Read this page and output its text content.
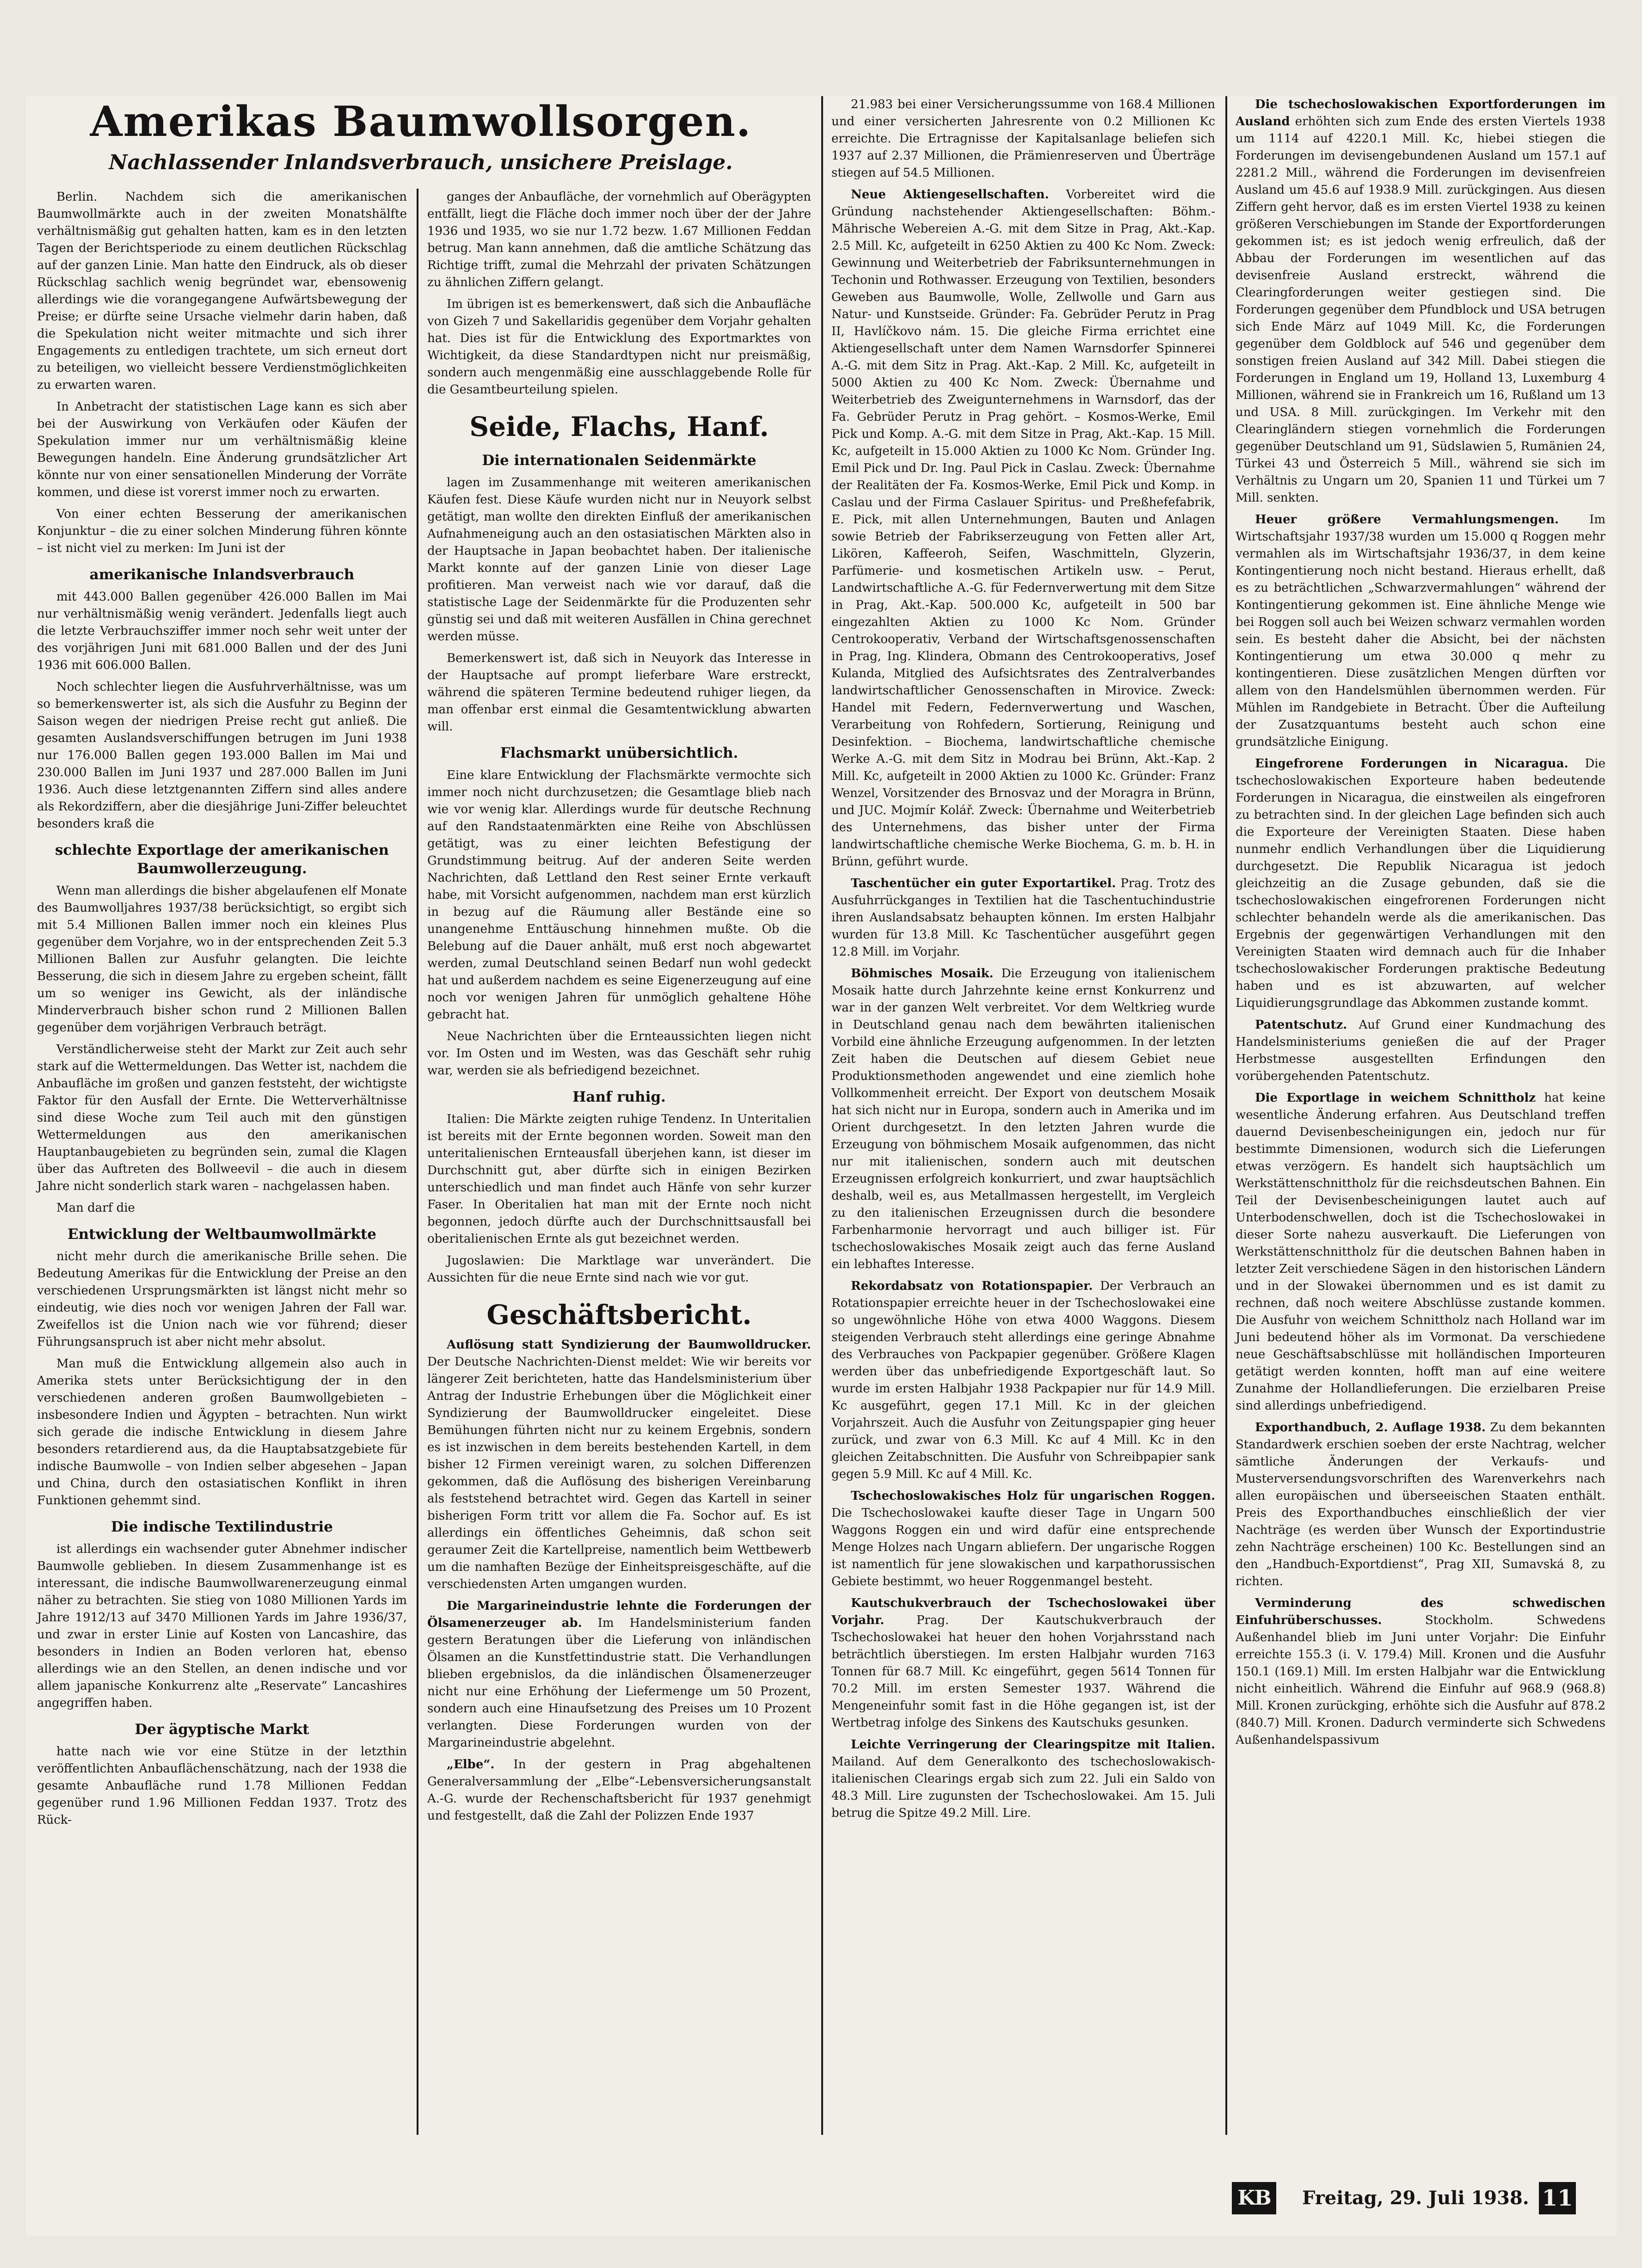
Amerikas Baumwollsorgen.
Nachlassender Inlandsverbrauch, unsichere Preislage.

Berlin. Nachdem sich die amerikanischen Baumwollmärkte auch in der zweiten Monatshälfte verhältnismäßig gut gehalten hatten, kam es in den letzten Tagen der Berichtsperiode zu einem deutlichen Rückschlag auf der ganzen Linie. Man hatte den Eindruck, als ob dieser Rückschlag sachlich wenig begründet war, ebensowenig allerdings wie die vorangegangene Aufwärtsbewegung der Preise; er dürfte seine Ursache vielmehr darin haben, daß die Spekulation nicht weiter mitmachte und sich ihrer Engagements zu entledigen trachtete, um sich erneut dort zu beteiligen, wo vielleicht bessere Verdienstmöglichkeiten zu erwarten waren.

In Anbetracht der statistischen Lage kann es sich aber bei der Auswirkung von Verkäufen oder Käufen der Spekulation immer nur um verhältnismäßig kleine Bewegungen handeln. Eine Änderung grundsätzlicher Art könnte nur von einer sensationellen Minderung der Vorräte kommen, und diese ist vorerst immer noch zu erwarten.

Von einer echten Besserung der amerikanischen Konjunktur – die zu einer solchen Minderung führen könnte – ist nicht viel zu merken: Im Juni ist der

amerikanische Inlandsverbrauch

mit 443.000 Ballen gegenüber 426.000 Ballen im Mai nur verhältnismäßig wenig verändert. Jedenfalls liegt auch die letzte Verbrauchsziffer immer noch sehr weit unter der des vorjährigen Juni mit 681.000 Ballen und der des Juni 1936 mit 606.000 Ballen.

Noch schlechter liegen die Ausfuhrverhältnisse, was um so bemerkenswerter ist, als sich die Ausfuhr zu Beginn der Saison wegen der niedrigen Preise recht gut anließ. Die gesamten Auslandsverschiffungen betrugen im Juni 1938 nur 176.000 Ballen gegen 193.000 Ballen im Mai und 230.000 Ballen im Juni 1937 und 287.000 Ballen im Juni 1936. Auch diese letztgenannten Ziffern sind alles andere als Rekordziffern, aber die diesjährige Juni-Ziffer beleuchtet besonders kraß die

schlechte Exportlage der amerikanischen Baumwollerzeugung.

Wenn man allerdings die bisher abgelaufenen elf Monate des Baumwolljahres 1937/38 berücksichtigt, so ergibt sich mit 5.4 Millionen Ballen immer noch ein kleines Plus gegenüber dem Vorjahre, wo in der entsprechenden Zeit 5.3 Millionen Ballen zur Ausfuhr gelangten. Die leichte Besserung, die sich in diesem Jahre zu ergeben scheint, fällt um so weniger ins Gewicht, als der inländische Minderverbrauch bisher schon rund 2 Millionen Ballen gegenüber dem vorjährigen Verbrauch beträgt.

Verständlicherweise steht der Markt zur Zeit auch sehr stark auf die Wettermeldungen. Das Wetter ist, nachdem die Anbaufläche im großen und ganzen feststeht, der wichtigste Faktor für den Ausfall der Ernte. Die Wetterverhältnisse sind diese Woche zum Teil auch mit den günstigen Wettermeldungen aus den amerikanischen Hauptanbaugebieten zu begründen sein, zumal die Klagen über das Auftreten des Bollweevil – die auch in diesem Jahre nicht sonderlich stark waren – nachgelassen haben.

Man darf die

Entwicklung der Weltbaumwollmärkte

nicht mehr durch die amerikanische Brille sehen. Die Bedeutung Amerikas für die Entwicklung der Preise an den verschiedenen Ursprungsmärkten ist längst nicht mehr so eindeutig, wie dies noch vor wenigen Jahren der Fall war. Zweifellos ist die Union nach wie vor führend; dieser Führungsanspruch ist aber nicht mehr absolut.

Man muß die Entwicklung allgemein also auch in Amerika stets unter Berücksichtigung der in den verschiedenen anderen großen Baumwollgebieten – insbesondere Indien und Ägypten – betrachten. Nun wirkt sich gerade die indische Entwicklung in diesem Jahre besonders retardierend aus, da die Hauptabsatzgebiete für indische Baumwolle – von Indien selber abgesehen – Japan und China, durch den ostasiatischen Konflikt in ihren Funktionen gehemmt sind.

Die indische Textilindustrie

ist allerdings ein wachsender guter Abnehmer indischer Baumwolle geblieben. In diesem Zusammenhange ist es interessant, die indische Baumwollwarenerzeugung einmal näher zu betrachten. Sie stieg von 1080 Millionen Yards im Jahre 1912/13 auf 3470 Millionen Yards im Jahre 1936/37, und zwar in erster Linie auf Kosten von Lancashire, das besonders in Indien an Boden verloren hat, ebenso allerdings wie an den Stellen, an denen indische und vor allem japanische Konkurrenz alte „Reservate“ Lancashires angegriffen haben.

Der ägyptische Markt

hatte nach wie vor eine Stütze in der letzthin veröffentlichten Anbauflächenschätzung, nach der 1938 die gesamte Anbaufläche rund 1.78 Millionen Feddan gegenüber rund 1.96 Millionen Feddan 1937. Trotz des Rück-

ganges der Anbaufläche, der vornehmlich auf Oberägypten entfällt, liegt die Fläche doch immer noch über der der Jahre 1936 und 1935, wo sie nur 1.72 bezw. 1.67 Millionen Feddan betrug. Man kann annehmen, daß die amtliche Schätzung das Richtige trifft, zumal die Mehrzahl der privaten Schätzungen zu ähnlichen Ziffern gelangt.

Im übrigen ist es bemerkenswert, daß sich die Anbaufläche von Gizeh 7 und Sakellaridis gegenüber dem Vorjahr gehalten hat. Dies ist für die Entwicklung des Exportmarktes von Wichtigkeit, da diese Standardtypen nicht nur preismäßig, sondern auch mengenmäßig eine ausschlaggebende Rolle für die Gesamtbeurteilung spielen.

Seide, Flachs, Hanf.
Die internationalen Seidenmärkte

lagen im Zusammenhange mit weiteren amerikanischen Käufen fest. Diese Käufe wurden nicht nur in Neuyork selbst getätigt, man wollte den direkten Einfluß der amerikanischen Aufnahmeneigung auch an den ostasiatischen Märkten also in der Hauptsache in Japan beobachtet haben. Der italienische Markt konnte auf der ganzen Linie von dieser Lage profitieren. Man verweist nach wie vor darauf, daß die statistische Lage der Seidenmärkte für die Produzenten sehr günstig sei und daß mit weiteren Ausfällen in China gerechnet werden müsse.

Bemerkenswert ist, daß sich in Neuyork das Interesse in der Hauptsache auf prompt lieferbare Ware erstreckt, während die späteren Termine bedeutend ruhiger liegen, da man offenbar erst einmal die Gesamtentwicklung abwarten will.

Flachsmarkt unübersichtlich.

Eine klare Entwicklung der Flachsmärkte vermochte sich immer noch nicht durchzusetzen; die Gesamtlage blieb nach wie vor wenig klar. Allerdings wurde für deutsche Rechnung auf den Randstaatenmärkten eine Reihe von Abschlüssen getätigt, was zu einer leichten Befestigung der Grundstimmung beitrug. Auf der anderen Seite werden Nachrichten, daß Lettland den Rest seiner Ernte verkauft habe, mit Vorsicht aufgenommen, nachdem man erst kürzlich in bezug auf die Räumung aller Bestände eine so unangenehme Enttäuschung hinnehmen mußte. Ob die Belebung auf die Dauer anhält, muß erst noch abgewartet werden, zumal Deutschland seinen Bedarf nun wohl gedeckt hat und außerdem nachdem es seine Eigenerzeugung auf eine noch vor wenigen Jahren für unmöglich gehaltene Höhe gebracht hat.

Neue Nachrichten über die Ernteaussichten liegen nicht vor. Im Osten und im Westen, was das Geschäft sehr ruhig war, werden sie als befriedigend bezeichnet.

Hanf ruhig.

Italien: Die Märkte zeigten ruhige Tendenz. In Unteritalien ist bereits mit der Ernte begonnen worden. Soweit man den unteritalienischen Ernteausfall überjehen kann, ist dieser im Durchschnitt gut, aber dürfte sich in einigen Bezirken unterschiedlich und man findet auch Hänfe von sehr kurzer Faser. In Oberitalien hat man mit der Ernte noch nicht begonnen, jedoch dürfte auch der Durchschnittsausfall bei oberitalienischen Ernte als gut bezeichnet werden.

Jugoslawien: Die Marktlage war unverändert. Die Aussichten für die neue Ernte sind nach wie vor gut.

Geschäftsbericht.

Auflösung statt Syndizierung der Baumwolldrucker. Der Deutsche Nachrichten-Dienst meldet: Wie wir bereits vor längerer Zeit berichteten, hatte das Handelsministerium über Antrag der Industrie Erhebungen über die Möglichkeit einer Syndizierung der Baumwolldrucker eingeleitet. Diese Bemühungen führten nicht nur zu keinem Ergebnis, sondern es ist inzwischen in dem bereits bestehenden Kartell, in dem bisher 12 Firmen vereinigt waren, zu solchen Differenzen gekommen, daß die Auflösung des bisherigen Vereinbarung als feststehend betrachtet wird. Gegen das Kartell in seiner bisherigen Form tritt vor allem die Fa. Sochor auf. Es ist allerdings ein öffentliches Geheimnis, daß schon seit geraumer Zeit die Kartellpreise, namentlich beim Wettbewerb um die namhaften Bezüge der Einheitspreisgeschäfte, auf die verschiedensten Arten umgangen wurden.

Die Margarineindustrie lehnte die Forderungen der Ölsamenerzeuger ab. Im Handelsministerium fanden gestern Beratungen über die Lieferung von inländischen Ölsamen an die Kunstfettindustrie statt. Die Verhandlungen blieben ergebnislos, da die inländischen Ölsamenerzeuger nicht nur eine Erhöhung der Liefermenge um 50 Prozent, sondern auch eine Hinaufsetzung des Preises um 10 Prozent verlangten. Diese Forderungen wurden von der Margarineindustrie abgelehnt.

„Elbe“. In der gestern in Prag abgehaltenen Generalversammlung der „Elbe“-Lebensversicherungsanstalt A.-G. wurde der Rechenschaftsbericht für 1937 genehmigt und festgestellt, daß die Zahl der Polizzen Ende 1937

21.983 bei einer Versicherungssumme von 168.4 Millionen und einer versicherten Jahresrente von 0.2 Millionen Kc erreichte. Die Ertragnisse der Kapitalsanlage beliefen sich 1937 auf 2.37 Millionen, die Prämienreserven und Überträge stiegen auf 54.5 Millionen.

Neue Aktiengesellschaften. Vorbereitet wird die Gründung nachstehender Aktiengesellschaften: Böhm.-Mährische Webereien A.-G. mit dem Sitze in Prag, Akt.-Kap. 2.5 Mill. Kc, aufgeteilt in 6250 Aktien zu 400 Kc Nom. Zweck: Gewinnung und Weiterbetrieb der Fabriksunternehmungen in Techonin und Rothwasser. Erzeugung von Textilien, besonders Geweben aus Baumwolle, Wolle, Zellwolle und Garn aus Natur- und Kunstseide. Gründer: Fa. Gebrüder Perutz in Prag II, Havlíčkovo nám. 15. Die gleiche Firma errichtet eine Aktiengesellschaft unter dem Namen Warnsdorfer Spinnerei A.-G. mit dem Sitz in Prag. Akt.-Kap. 2 Mill. Kc, aufgeteilt in 5000 Aktien zu 400 Kc Nom. Zweck: Übernahme und Weiterbetrieb des Zweigunternehmens in Warnsdorf, das der Fa. Gebrüder Perutz in Prag gehört. – Kosmos-Werke, Emil Pick und Komp. A.-G. mit dem Sitze in Prag, Akt.-Kap. 15 Mill. Kc, aufgeteilt in 15.000 Aktien zu 1000 Kc Nom. Gründer Ing. Emil Pick und Dr. Ing. Paul Pick in Caslau. Zweck: Übernahme der Realitäten der Fa. Kosmos-Werke, Emil Pick und Komp. in Caslau und der Firma Caslauer Spiritus- und Preßhefefabrik, E. Pick, mit allen Unternehmungen, Bauten und Anlagen sowie Betrieb der Fabrikserzeugung von Fetten aller Art, Likören, Kaffeeroh, Seifen, Waschmitteln, Glyzerin, Parfümerie- und kosmetischen Artikeln usw. – Perut, Landwirtschaftliche A.-G. für Federnverwertung mit dem Sitze in Prag, Akt.-Kap. 500.000 Kc, aufgeteilt in 500 bar eingezahlten Aktien zu 1000 Kc Nom. Gründer Centrokooperativ, Verband der Wirtschaftsgenossenschaften in Prag, Ing. Klindera, Obmann des Centrokooperativs, Josef Kulanda, Mitglied des Aufsichtsrates des Zentralverbandes landwirtschaftlicher Genossenschaften in Mirovice. Zweck: Handel mit Federn, Federnverwertung und Waschen, Verarbeitung von Rohfedern, Sortierung, Reinigung und Desinfektion. – Biochema, landwirtschaftliche chemische Werke A.-G. mit dem Sitz in Modrau bei Brünn, Akt.-Kap. 2 Mill. Kc, aufgeteilt in 2000 Aktien zu 1000 Kc. Gründer: Franz Wenzel, Vorsitzender des Brnosvaz und der Moragra in Brünn, und JUC. Mojmír Kolář. Zweck: Übernahme und Weiterbetrieb des Unternehmens, das bisher unter der Firma landwirtschaftliche chemische Werke Biochema, G. m. b. H. in Brünn, geführt wurde.

Taschentücher ein guter Exportartikel. Prag. Trotz des Ausfuhrrückganges in Textilien hat die Taschentuchindustrie ihren Auslandsabsatz behaupten können. Im ersten Halbjahr wurden für 13.8 Mill. Kc Taschentücher ausgeführt gegen 12.8 Mill. im Vorjahr.

Böhmisches Mosaik. Die Erzeugung von italienischem Mosaik hatte durch Jahrzehnte keine ernst Konkurrenz und war in der ganzen Welt verbreitet. Vor dem Weltkrieg wurde in Deutschland genau nach dem bewährten italienischen Vorbild eine ähnliche Erzeugung aufgenommen. In der letzten Zeit haben die Deutschen auf diesem Gebiet neue Produktionsmethoden angewendet und eine ziemlich hohe Vollkommenheit erreicht. Der Export von deutschem Mosaik hat sich nicht nur in Europa, sondern auch in Amerika und im Orient durchgesetzt. In den letzten Jahren wurde die Erzeugung von böhmischem Mosaik aufgenommen, das nicht nur mit italienischen, sondern auch mit deutschen Erzeugnissen erfolgreich konkurriert, und zwar hauptsächlich deshalb, weil es, aus Metallmassen hergestellt, im Vergleich zu den italienischen Erzeugnissen durch die besondere Farbenharmonie hervorragt und auch billiger ist. Für tschechoslowakisches Mosaik zeigt auch das ferne Ausland ein lebhaftes Interesse.

Rekordabsatz von Rotationspapier. Der Verbrauch an Rotationspapier erreichte heuer in der Tschechoslowakei eine so ungewöhnliche Höhe von etwa 4000 Waggons. Diesem steigenden Verbrauch steht allerdings eine geringe Abnahme des Verbrauches von Packpapier gegenüber. Größere Klagen werden über das unbefriedigende Exportgeschäft laut. So wurde im ersten Halbjahr 1938 Packpapier nur für 14.9 Mill. Kc ausgeführt, gegen 17.1 Mill. Kc in der gleichen Vorjahrszeit. Auch die Ausfuhr von Zeitungspapier ging heuer zurück, und zwar von 6.3 Mill. Kc auf 4 Mill. Kc in den gleichen Zeitabschnitten. Die Ausfuhr von Schreibpapier sank gegen 5.9 Mill. Kc auf 4 Mill. Kc.

Tschechoslowakisches Holz für ungarischen Roggen. Die Tschechoslowakei kaufte dieser Tage in Ungarn 500 Waggons Roggen ein und wird dafür eine entsprechende Menge Holzes nach Ungarn abliefern. Der ungarische Roggen ist namentlich für jene slowakischen und karpathorussischen Gebiete bestimmt, wo heuer Roggenmangel besteht.

Kautschukverbrauch der Tschechoslowakei über Vorjahr.	Prag. Der Kautschukverbrauch der Tschechoslowakei hat heuer den hohen Vorjahrsstand nach beträchtlich überstiegen. Im ersten Halbjahr wurden 7163 Tonnen für 68.7 Mill. Kc eingeführt, gegen 5614 Tonnen für 70.2 Mill. im ersten Semester 1937. Während die Mengeneinfuhr somit fast in die Höhe gegangen ist, ist der Wertbetrag infolge des Sinkens des Kautschuks gesunken.

Leichte Verringerung der Clearingspitze mit Italien. Mailand. Auf dem Generalkonto des tschechoslowakisch-italienischen Clearings ergab sich zum 22. Juli ein Saldo von 48.3 Mill. Lire zugunsten der Tschechoslowakei. Am 15. Juli betrug die Spitze 49.2 Mill. Lire.

Die tschechoslowakischen Exportforderungen im Ausland erhöhten sich zum Ende des ersten Viertels 1938 um 1114 auf 4220.1 Mill. Kc, hiebei stiegen die Forderungen im devisengebundenen Ausland um 157.1 auf 2281.2 Mill., während die Forderungen im devisenfreien Ausland um 45.6 auf 1938.9 Mill. zurückgingen. Aus diesen Ziffern geht hervor, daß es im ersten Viertel 1938 zu keinen größeren Verschiebungen im Stande der Exportforderungen gekommen ist; es ist jedoch wenig erfreulich, daß der Abbau der Forderungen im wesentlichen auf das devisenfreie Ausland erstreckt, während die Clearingforderungen weiter gestiegen sind. Die Forderungen gegenüber dem Pfundblock und USA betrugen sich Ende März auf 1049 Mill. Kc, die Forderungen gegenüber dem Goldblock auf 546 und gegenüber dem sonstigen freien Ausland auf 342 Mill. Dabei stiegen die Forderungen in England um 19, Holland 13, Luxemburg 4 Millionen, während sie in Frankreich um 16, Rußland um 13 und USA. 8 Mill. zurückgingen. Im Verkehr mit den Clearingländern stiegen vornehmlich die Forderungen gegenüber Deutschland um 91, Südslawien 5, Rumänien 24, Türkei 43 und Österreich 5 Mill., während sie sich im Verhältnis zu Ungarn um 20, Spanien 11 und Türkei um 7 Mill. senkten.

Heuer größere Vermahlungsmengen.	Im Wirtschaftsjahr 1937/38 wurden um 15.000 q Roggen mehr vermahlen als im Wirtschaftsjahr 1936/37, in dem keine Kontingentierung noch nicht bestand. Hieraus erhellt, daß es zu beträchtlichen „Schwarzvermahlungen“ während der Kontingentierung gekommen ist. Eine ähnliche Menge wie bei Roggen soll auch bei Weizen schwarz vermahlen worden sein. Es besteht daher die Absicht, bei der nächsten Kontingentierung um etwa 30.000 q mehr zu kontingentieren. Diese zusätzlichen Mengen dürften vor allem von den Handelsmühlen übernommen werden. Für Mühlen im Randgebiete in Betracht. Über die Aufteilung der Zusatzquantums besteht auch schon eine grundsätzliche Einigung.

Eingefrorene Forderungen in Nicaragua. Die tschechoslowakischen Exporteure haben bedeutende Forderungen in Nicaragua, die einstweilen als eingefroren zu betrachten sind. In der gleichen Lage befinden sich auch die Exporteure der Vereinigten Staaten. Diese haben nunmehr endlich Verhandlungen über die Liquidierung durchgesetzt. Die Republik Nicaragua ist jedoch gleichzeitig an die Zusage gebunden, daß sie die tschechoslowakischen eingefrorenen Forderungen nicht schlechter behandeln werde als die amerikanischen. Das Ergebnis der gegenwärtigen Verhandlungen mit den Vereinigten Staaten wird demnach auch für die Inhaber tschechoslowakischer Forderungen praktische Bedeutung haben und es ist abzuwarten, auf welcher Liquidierungsgrundlage das Abkommen zustande kommt.

Patentschutz. Auf Grund einer Kundmachung des Handelsministeriums genießen die auf der Prager Herbstmesse ausgestellten Erfindungen den vorübergehenden Patentschutz.

Die Exportlage in weichem Schnittholz hat keine wesentliche Änderung erfahren. Aus Deutschland treffen dauernd Devisenbescheinigungen ein, jedoch nur für bestimmte Dimensionen, wodurch sich die Lieferungen etwas verzögern. Es handelt sich hauptsächlich um Werkstättenschnittholz für die reichsdeutschen Bahnen. Ein Teil der Devisenbescheinigungen lautet auch auf Unterbodenschwellen, doch ist die Tschechoslowakei in dieser Sorte nahezu ausverkauft. Die Lieferungen von Werkstättenschnittholz für die deutschen Bahnen haben in letzter Zeit verschiedene Sägen in den historischen Ländern und in der Slowakei übernommen und es ist damit zu rechnen, daß noch weitere Abschlüsse zustande kommen. Die Ausfuhr von weichem Schnittholz nach Holland war im Juni bedeutend höher als im Vormonat. Da verschiedene neue Geschäftsabschlüsse mit holländischen Importeuren getätigt werden konnten, hofft man auf eine weitere Zunahme der Hollandlieferungen. Die erzielbaren Preise sind allerdings unbefriedigend.

Exporthandbuch, 2. Auflage 1938. Zu dem bekannten Standardwerk erschien soeben der erste Nachtrag, welcher sämtliche Änderungen der Verkaufs- und Musterversendungsvorschriften des Warenverkehrs nach allen europäischen und überseeischen Staaten enthält. Preis des Exporthandbuches einschließlich der vier Nachträge (es werden über Wunsch der Exportindustrie zehn Nachträge erscheinen) 100 Kc. Bestellungen sind an den „Handbuch-Exportdienst“, Prag XII, Sumavská 8, zu richten.

Verminderung des schwedischen Einfuhrüberschusses.	Stockholm. Schwedens Außenhandel blieb im Juni unter Vorjahr: Die Einfuhr erreichte 155.3 (i. V. 179.4) Mill. Kronen und die Ausfuhr 150.1 (169.1) Mill. Im ersten Halbjahr war die Entwicklung nicht einheitlich. Während die Einfuhr auf 968.9 (968.8) Mill. Kronen zurückging, erhöhte sich die Ausfuhr auf 878.2 (840.7) Mill. Kronen. Dadurch verminderte sich Schwedens Außenhandelspassivum

KB	Freitag, 29. Juli 1938. 11
